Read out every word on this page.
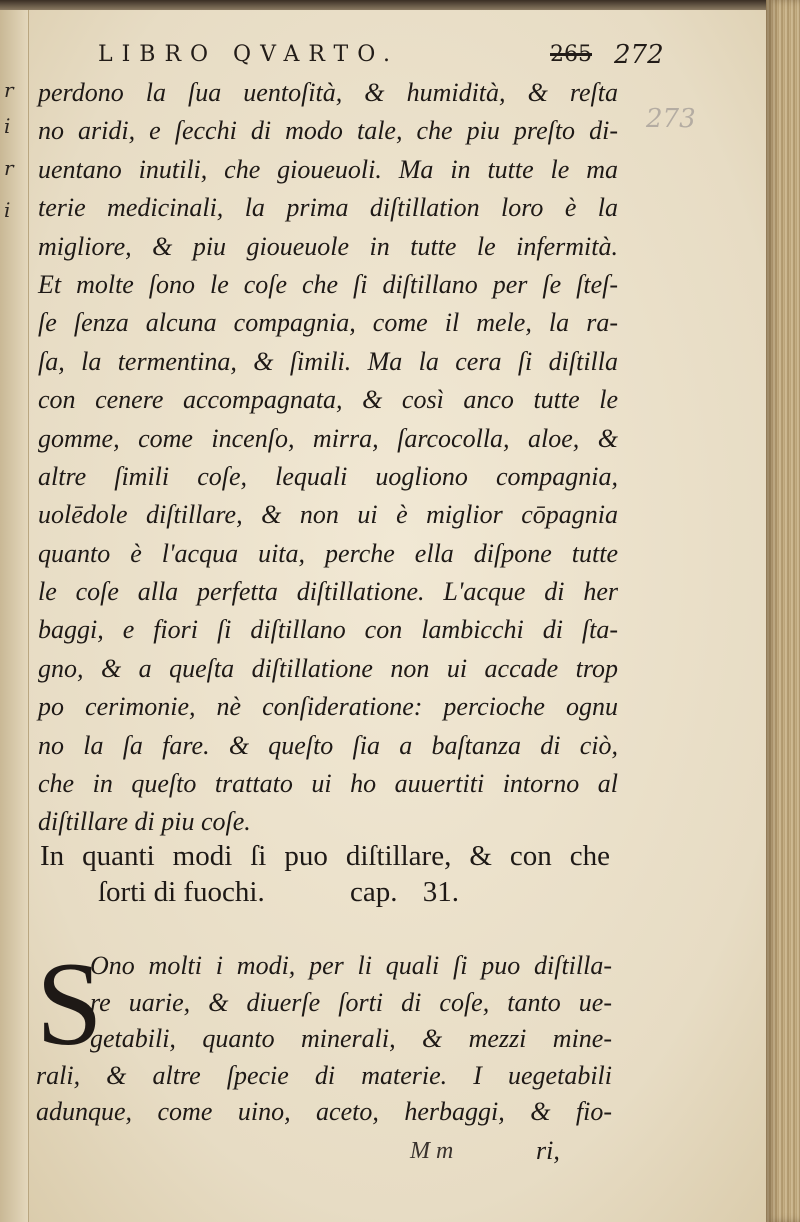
r
i
r
i
LIBRO QVARTO.	265 272
273
perdono la ſua uentoſità, & humidità, & reſta
no aridi, e ſecchi di modo tale, che piu preſto di-
uentano inutili, che gioueuoli. Ma in tutte le ma
terie medicinali, la prima diſtillation loro è la
migliore, & piu gioueuole in tutte le infermità.
Et molte ſono le coſe che ſi diſtillano per ſe ſteſ-
ſe ſenza alcuna compagnia, come il mele, la ra-
ſa, la termentina, & ſimili. Ma la cera ſi diſtilla
con cenere accompagnata, & così anco tutte le
gomme, come incenſo, mirra, ſarcocolla, aloe, &
altre ſimili coſe, lequali uogliono compagnia,
uolēdole diſtillare, & non ui è miglior cōpagnia
quanto è l'acqua uita, perche ella diſpone tutte
le coſe alla perfetta diſtillatione. L'acque di her
baggi, e fiori ſi diſtillano con lambicchi di ſta-
gno, & a queſta diſtillatione non ui accade trop
po cerimonie, nè conſideratione: percioche ognu
no la ſa fare. & queſto ſia a baſtanza di ciò,
che in queſto trattato ui ho auuertiti intorno al
diſtillare di piu coſe.
In quanti modi ſi puo diſtillare, & con che
ſorti di fuochi.	cap. 31.
S
Ono molti i modi, per li quali ſi puo diſtilla-
re uarie, & diuerſe ſorti di coſe, tanto ue-
getabili, quanto minerali, & mezzi mine-
rali, & altre ſpecie di materie. I uegetabili
adunque, come uino, aceto, herbaggi, & fio-
M m	ri,
